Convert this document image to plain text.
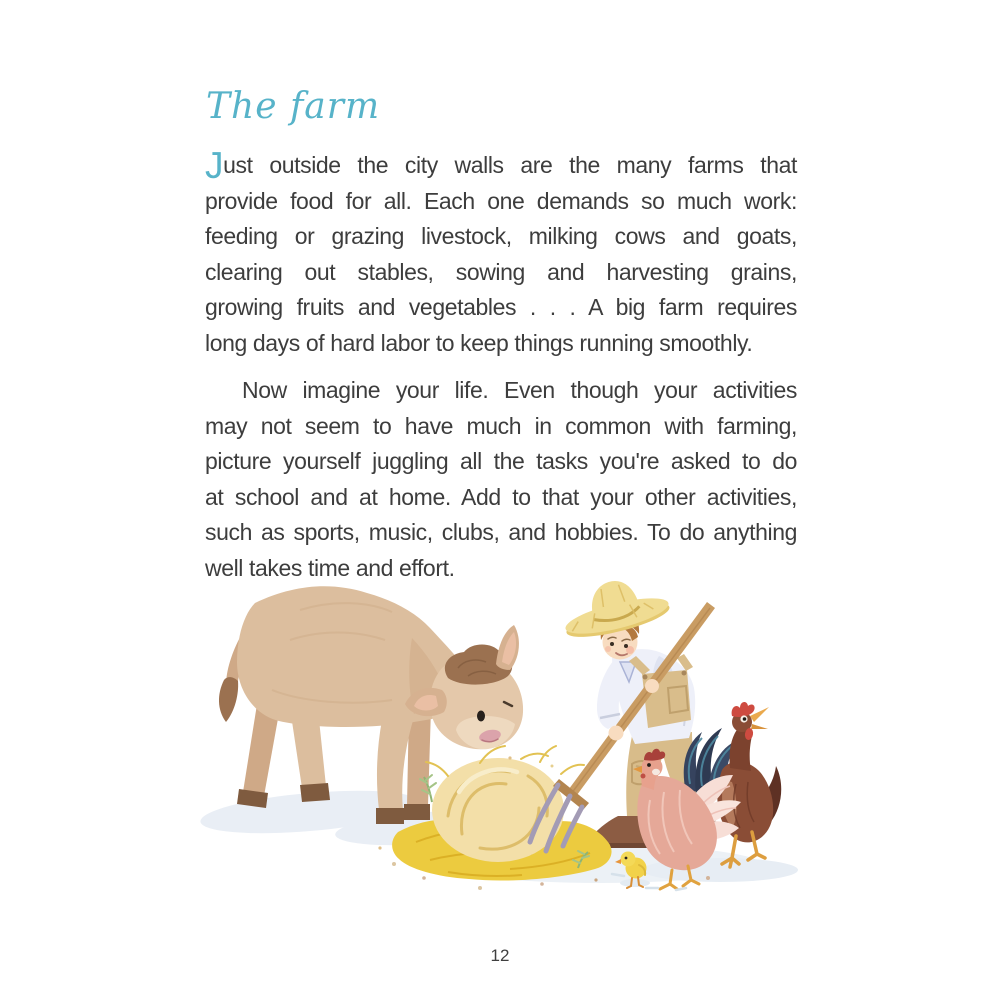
The farm
Just outside the city walls are the many farms that
provide food for all. Each one demands so much work:
feeding or grazing livestock, milking cows and goats,
clearing out stables, sowing and harvesting grains,
growing fruits and vegetables . . . A big farm requires
long days of hard labor to keep things running smoothly.
Now imagine your life. Even though your activities
may not seem to have much in common with farming,
picture yourself juggling all the tasks you're asked to do
at school and at home. Add to that your other activities,
such as sports, music, clubs, and hobbies. To do anything
well takes time and effort.
12
